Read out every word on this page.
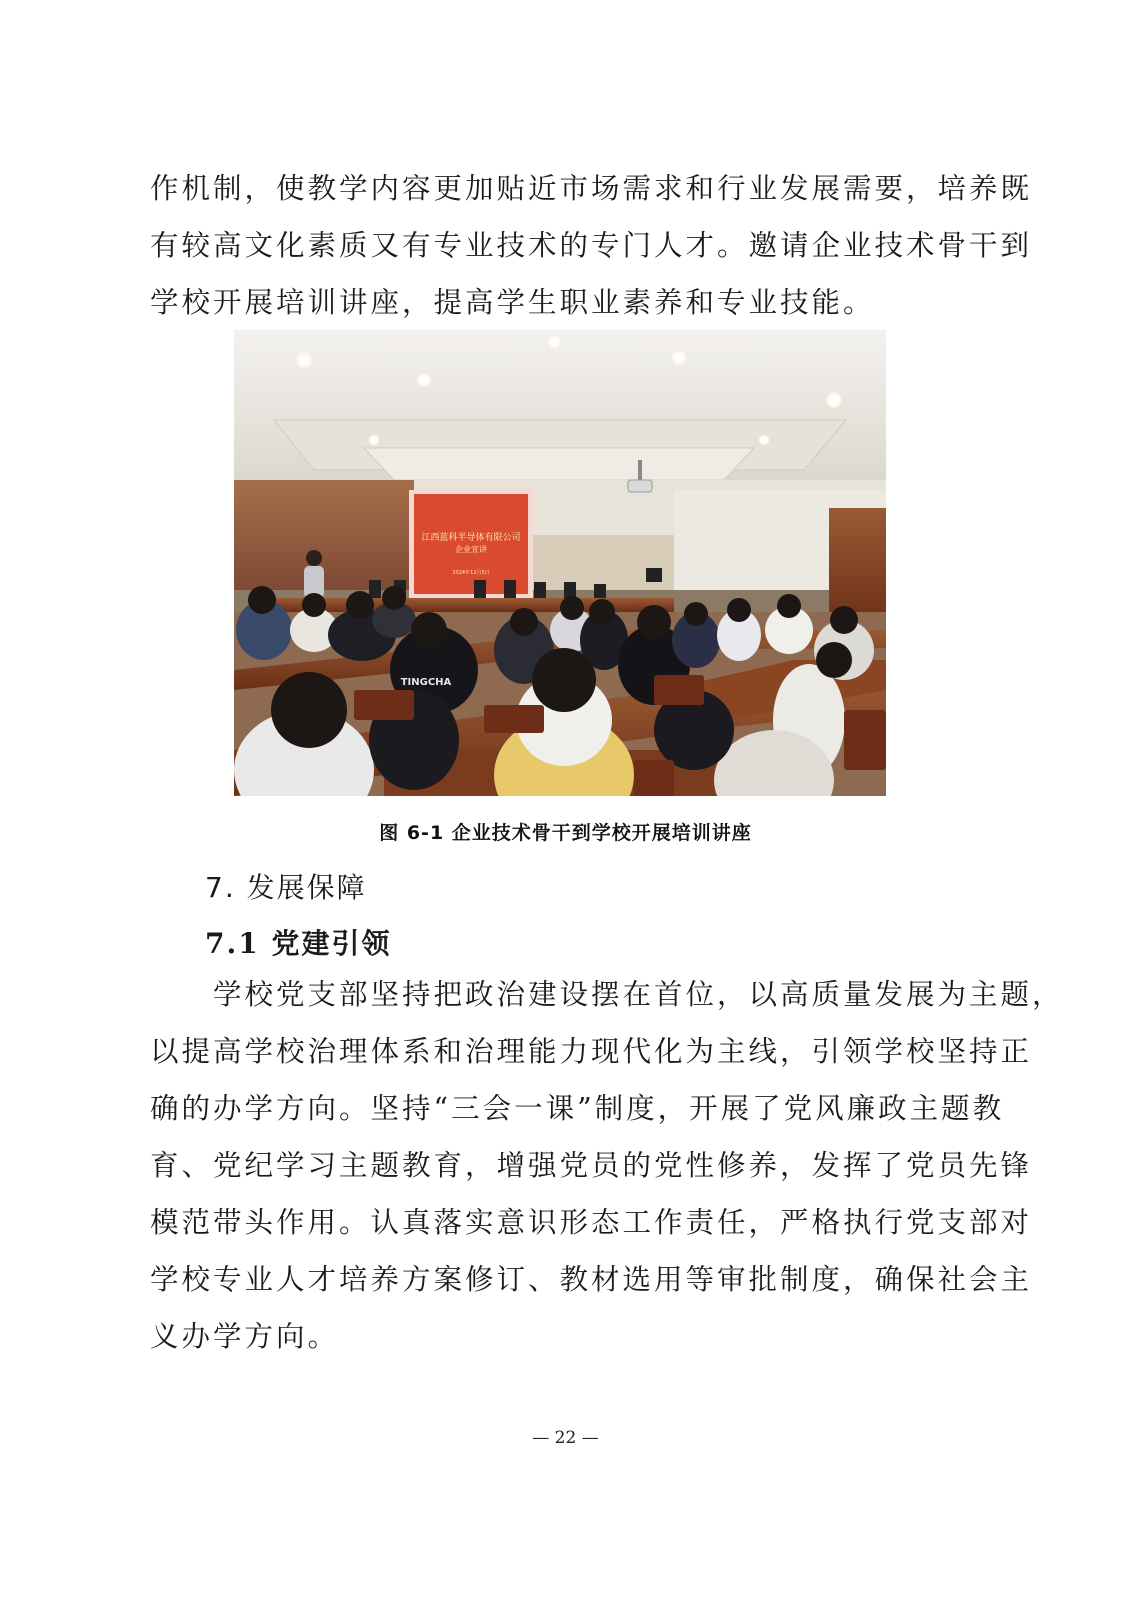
作机制，使教学内容更加贴近市场需求和行业发展需要，培养既
有较高文化素质又有专业技术的专门人才。邀请企业技术骨干到
学校开展培训讲座，提高学生职业素养和专业技能。
江西蓝科半导体有限公司
企业宣讲
2024年12月5日
TINGCHA
图 6-1 企业技术骨干到学校开展培训讲座
7. 发展保障
7.1 党建引领
　　学校党支部坚持把政治建设摆在首位，以高质量发展为主题，
以提高学校治理体系和治理能力现代化为主线，引领学校坚持正
确的办学方向。坚持“三会一课”制度，开展了党风廉政主题教
育、党纪学习主题教育，增强党员的党性修养，发挥了党员先锋
模范带头作用。认真落实意识形态工作责任，严格执行党支部对
学校专业人才培养方案修订、教材选用等审批制度，确保社会主
义办学方向。
— 22 —
